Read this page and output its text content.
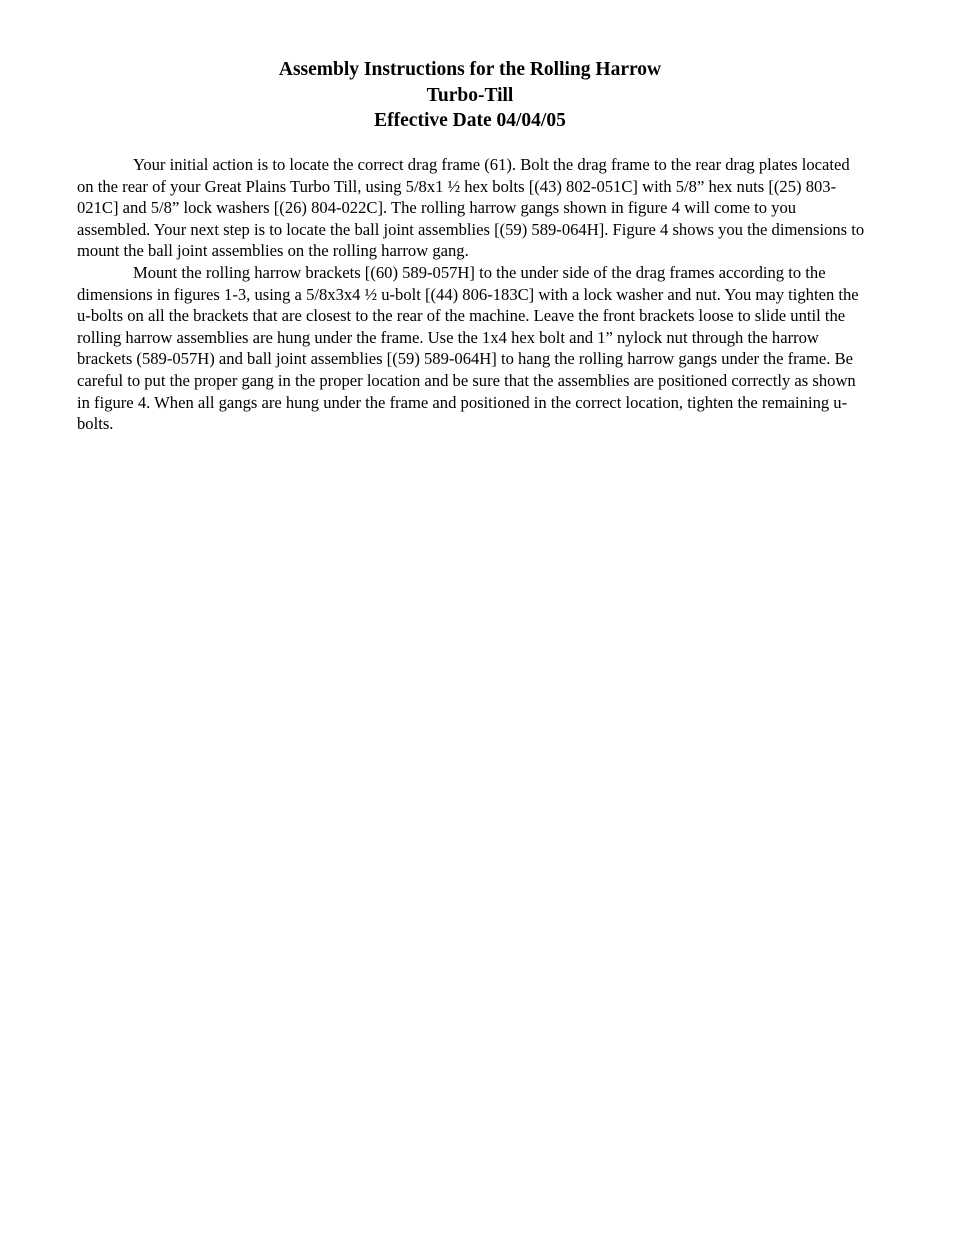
Assembly Instructions for the Rolling Harrow
Turbo-Till
Effective Date 04/04/05

Your initial action is to locate the correct drag frame (61). Bolt the drag frame to the rear drag plates located on the rear of your Great Plains Turbo Till, using 5/8x1 ½ hex bolts [(43) 802-051C] with 5/8” hex nuts [(25) 803-021C] and 5/8” lock washers [(26) 804-022C]. The rolling harrow gangs shown in figure 4 will come to you assembled. Your next step is to locate the ball joint assemblies [(59) 589-064H]. Figure 4 shows you the dimensions to mount the ball joint assemblies on the rolling harrow gang.

Mount the rolling harrow brackets [(60) 589-057H] to the under side of the drag frames according to the dimensions in figures 1-3, using a 5/8x3x4 ½ u-bolt [(44) 806-183C] with a lock washer and nut. You may tighten the u-bolts on all the brackets that are closest to the rear of the machine. Leave the front brackets loose to slide until the rolling harrow assemblies are hung under the frame. Use the 1x4 hex bolt and 1” nylock nut through the harrow brackets (589-057H) and ball joint assemblies [(59) 589-064H] to hang the rolling harrow gangs under the frame. Be careful to put the proper gang in the proper location and be sure that the assemblies are positioned correctly as shown in figure 4. When all gangs are hung under the frame and positioned in the correct location, tighten the remaining u-bolts.
